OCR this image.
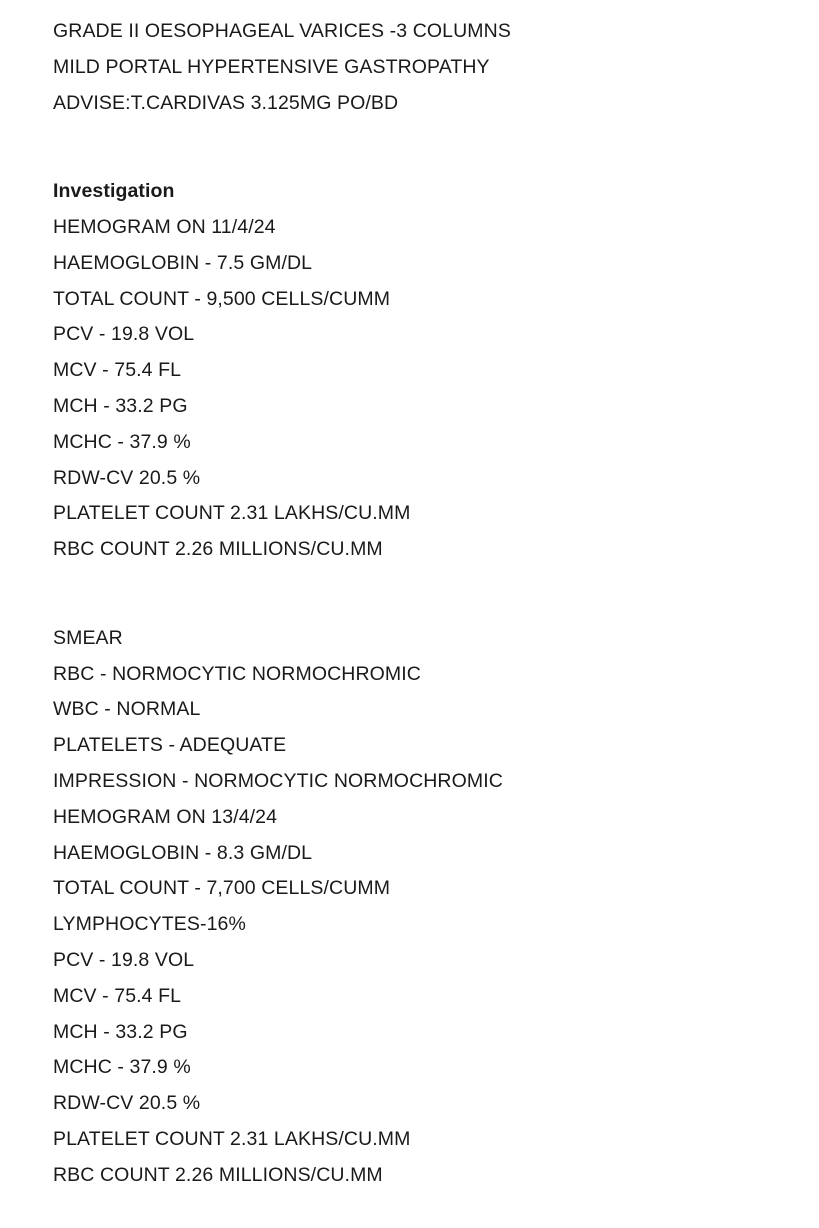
GRADE II OESOPHAGEAL VARICES -3 COLUMNS
MILD PORTAL HYPERTENSIVE GASTROPATHY
ADVISE:T.CARDIVAS 3.125MG PO/BD
Investigation
HEMOGRAM ON 11/4/24
HAEMOGLOBIN - 7.5 GM/DL
TOTAL COUNT - 9,500 CELLS/CUMM
PCV - 19.8 VOL
MCV - 75.4 FL
MCH - 33.2 PG
MCHC - 37.9 %
RDW-CV 20.5 %
PLATELET COUNT 2.31 LAKHS/CU.MM
RBC COUNT 2.26 MILLIONS/CU.MM
SMEAR
RBC - NORMOCYTIC NORMOCHROMIC
WBC - NORMAL
PLATELETS - ADEQUATE
IMPRESSION - NORMOCYTIC NORMOCHROMIC
HEMOGRAM ON 13/4/24
HAEMOGLOBIN - 8.3 GM/DL
TOTAL COUNT - 7,700 CELLS/CUMM
LYMPHOCYTES-16%
PCV - 19.8 VOL
MCV - 75.4 FL
MCH - 33.2 PG
MCHC - 37.9 %
RDW-CV 20.5 %
PLATELET COUNT 2.31 LAKHS/CU.MM
RBC COUNT 2.26 MILLIONS/CU.MM
